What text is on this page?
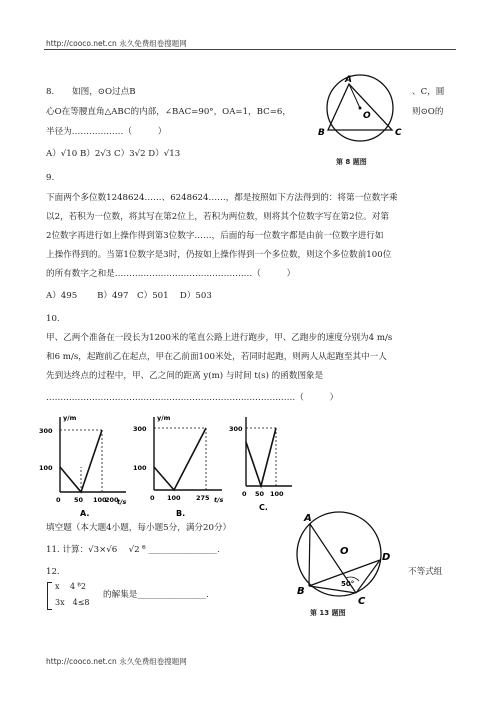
http://cooco.net.cn 永久免费组卷搜题网
8. 如图，⊙O过点B	、C，圆
心O在等腰直角△ABC的内部，∠BAC=90°，OA=1，BC=6，	则⊙O的
半径为………………（　　　）
A）√10 B）2√3 C）3√2 D）√13
A
O
B	C
第 8 题图
9.
下面两个多位数1248624……、6248624……，都是按照如下方法得到的：将第一位数字乘
以2，若积为一位数，将其写在第2位上，若积为两位数，则将其个位数字写在第2位。对第
2位数字再进行如上操作得到第3位数字……，后面的每一位数字都是由前一位数字进行如
上操作得到的。当第1位数字是3时，仍按如上操作得到一个多位数，则这个多位数前100位
的所有数字之和是…………………………………………（　　　）
A）495　　 B）497　C）501　 D）503
10.
甲、乙两个准备在一段长为1200米的笔直公路上进行跑步，甲、乙跑步的速度分别为4 m/s
和6 m/s，起跑前乙在起点，甲在乙前面100米处，若同时起跑，则两人从起跑至其中一人
先到达终点的过程中，甲、乙之间的距离 y(m) 与时间 t(s) 的函数图象是
……………………………………………………………………………（　　　）
y/m
t/s
300
100
0 50 100
200
A.
y/m
t/s
300
100
0 100 275
B.
300
0 50 100
C.
填空题（本大题4小题，每小题5分，满分20分）
11. 计算：√3×√6 　√2 ⁶̃ ________________.
12.
x　 4 ⁶̃2
3x　4≤8
的解集是________________.
不等式组
A
O
D
B
C
50°
第 13 题图
http://cooco.net.cn 永久免费组卷搜题网
